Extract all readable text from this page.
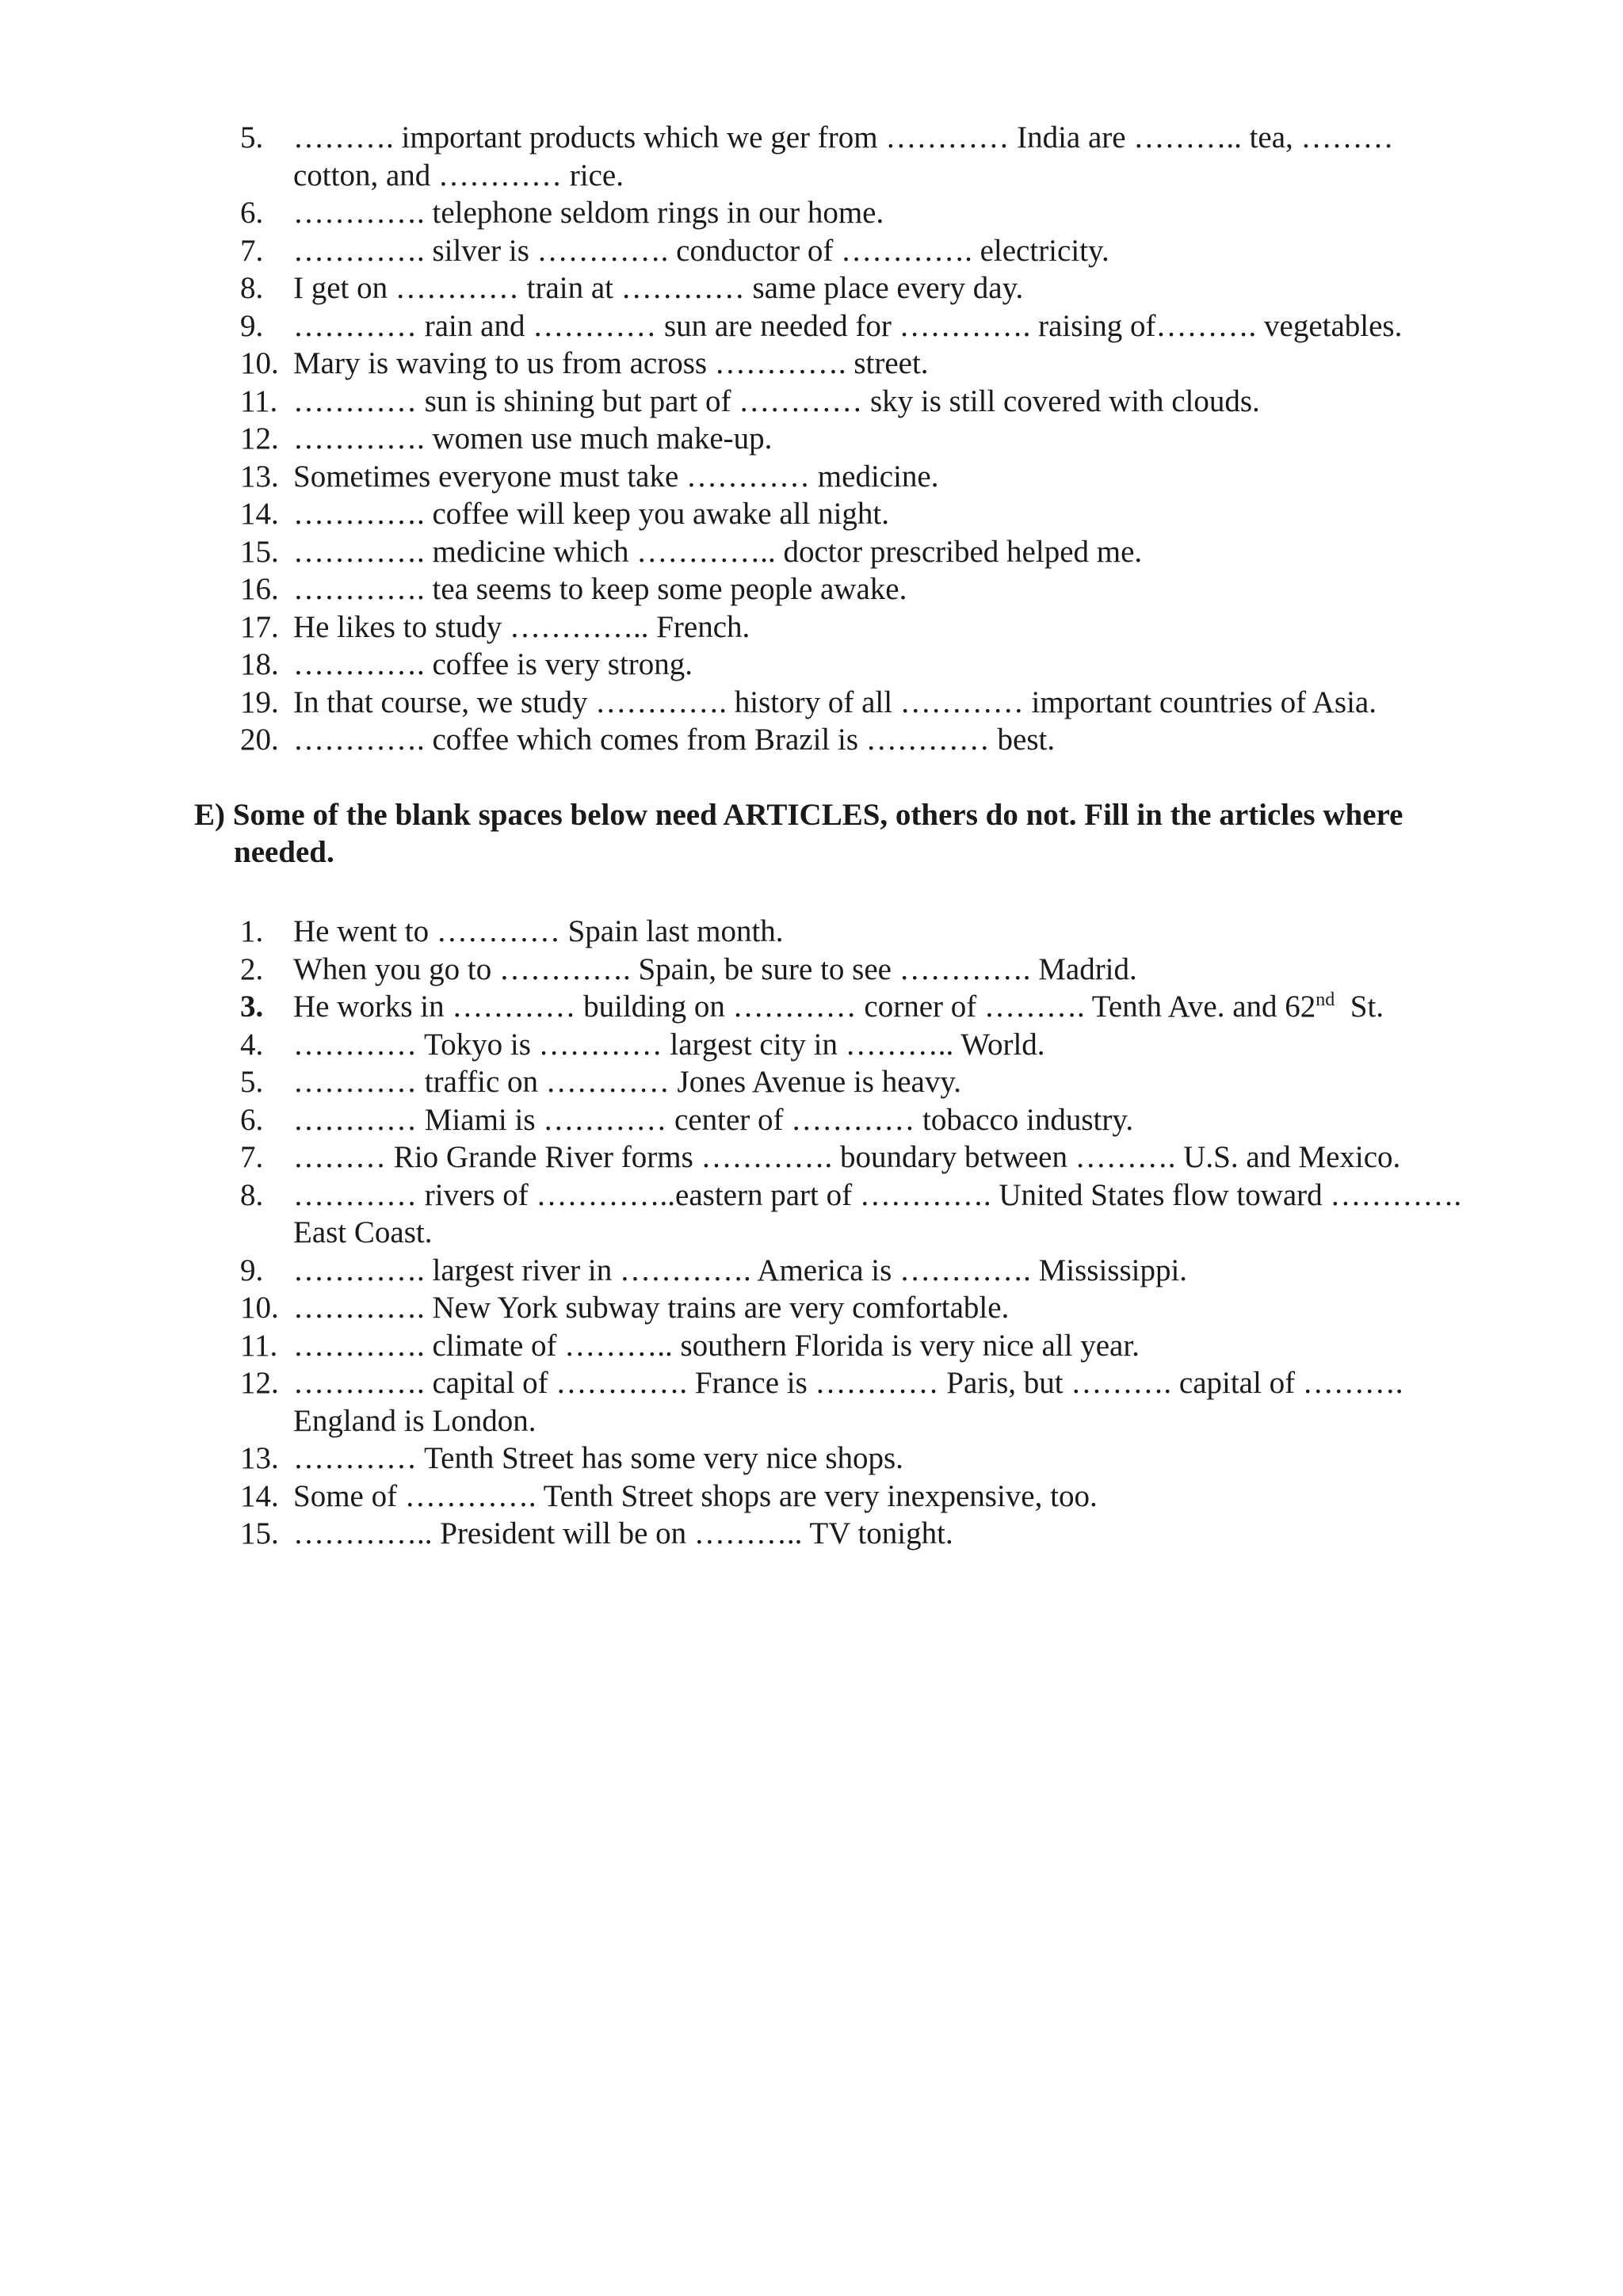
5. ………. important products which we ger from ………… India are ……….. tea, ……… cotton, and ………… rice.
6. …………. telephone seldom rings in our home.
7. …………. silver is …………. conductor of …………. electricity.
8. I get on ………… train at ………… same place every day.
9. ………… rain and ………… sun are needed for …………. raising of………. vegetables.
10. Mary is waving to us from across …………. street.
11. ………… sun is shining but part of ………… sky is still covered with clouds.
12. …………. women use much make-up.
13. Sometimes everyone must take ………… medicine.
14. …………. coffee will keep you awake all night.
15. …………. medicine which ………….. doctor prescribed helped me.
16. …………. tea seems to keep some people awake.
17. He likes to study ………….. French.
18. …………. coffee is very strong.
19. In that course, we study …………. history of all ………… important countries of Asia.
20. …………. coffee which comes from Brazil is ………… best.

E) Some of the blank spaces below need ARTICLES, others do not. Fill in the articles where needed.

1. He went to ………… Spain last month.
2. When you go to …………. Spain, be sure to see …………. Madrid.
3. He works in ………… building on ………… corner of ………. Tenth Ave. and 62nd  St.
4. ………… Tokyo is ………… largest city in ……….. World.
5. ………… traffic on ………… Jones Avenue is heavy.
6. ………… Miami is ………… center of ………… tobacco industry.
7. ……… Rio Grande River forms …………. boundary between ………. U.S. and Mexico.
8. ………… rivers of …………..eastern part of …………. United States flow toward …………. East Coast.
9. …………. largest river in …………. America is …………. Mississippi.
10. …………. New York subway trains are very comfortable.
11. …………. climate of ……….. southern Florida is very nice all year.
12. …………. capital of …………. France is ………… Paris, but ………. capital of ………. England is London.
13. ………… Tenth Street has some very nice shops.
14. Some of …………. Tenth Street shops are very inexpensive, too.
15. ………….. President will be on ……….. TV tonight.
